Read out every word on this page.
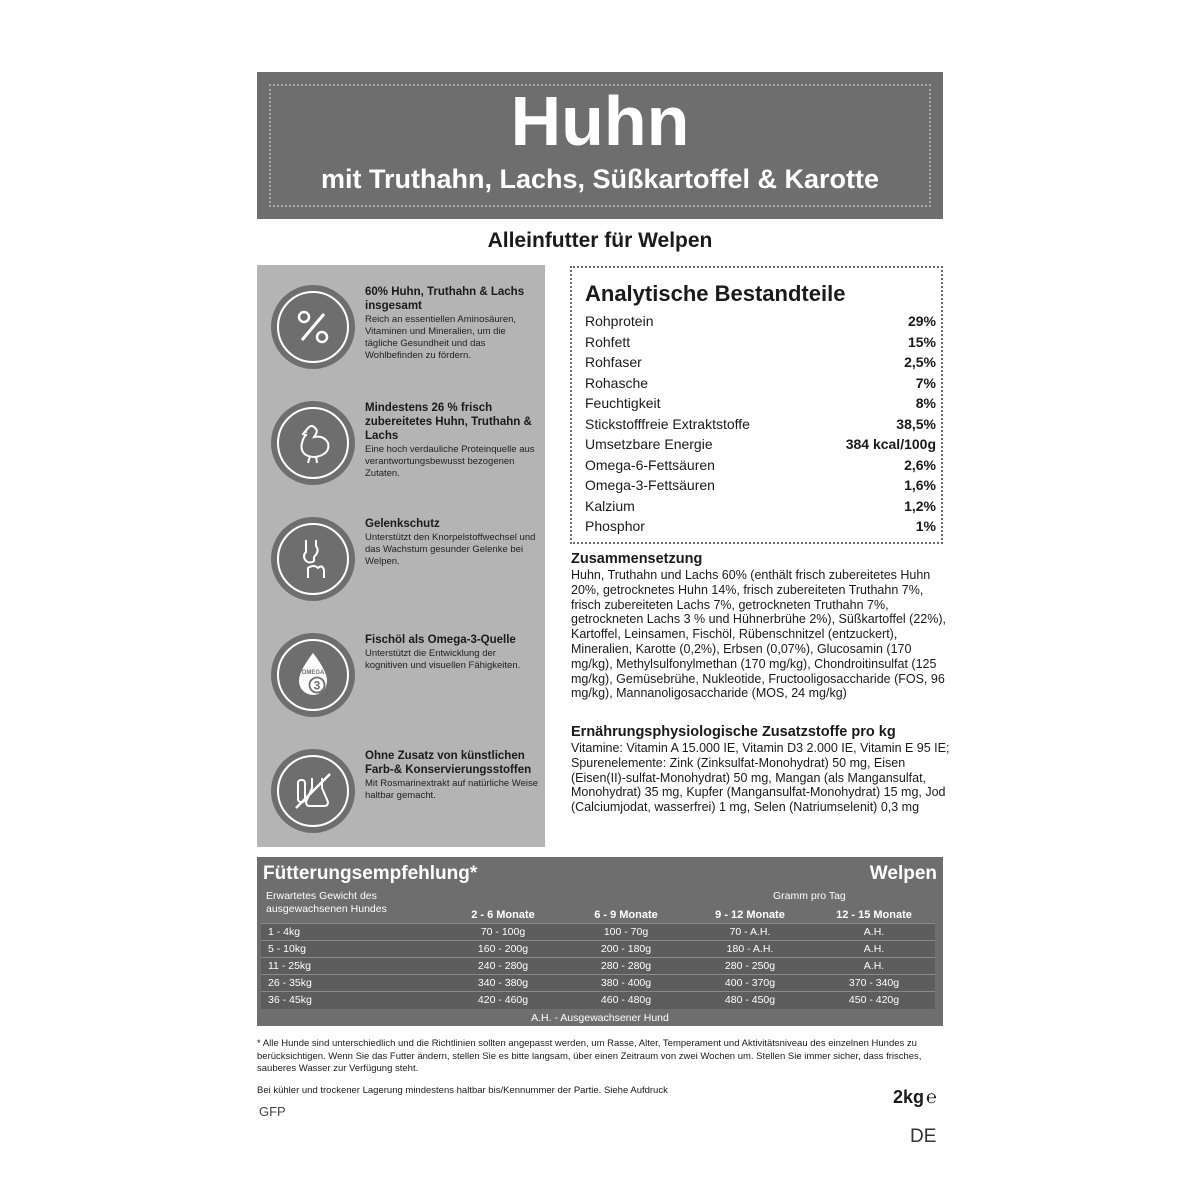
Huhn
mit Truthahn, Lachs, Süßkartoffel & Karotte
Alleinfutter für Welpen
60% Huhn, Truthahn & Lachs insgesamt

Reich an essentiellen Aminosäuren, Vitaminen und Mineralien, um die tägliche Gesundheit und das Wohlbefinden zu fördern.

Mindestens 26 % frisch zubereitetes Huhn, Truthahn & Lachs

Eine hoch verdauliche Proteinquelle aus verantwortungsbewusst bezogenen Zutaten.

Gelenkschutz

Unterstützt den Knorpelstoffwechsel und das Wachstum gesunder Gelenke bei Welpen.

OMEGA
3
Fischöl als Omega-3-Quelle

Unterstützt die Entwicklung der kognitiven und visuellen Fähigkeiten.

Ohne Zusatz von künstlichen Farb-& Konservierungsstoffen

Mit Rosmarinextrakt auf natürliche Weise haltbar gemacht.

Analytische Bestandteile
Rohprotein	29%
Rohfett	15%
Rohfaser	2,5%
Rohasche	7%
Feuchtigkeit	8%
Stickstofffreie Extraktstoffe	38,5%
Umsetzbare Energie	384 kcal/100g
Omega-6-Fettsäuren	2,6%
Omega-3-Fettsäuren	1,6%
Kalzium	1,2%
Phosphor	1%
Zusammensetzung

Huhn, Truthahn und Lachs 60% (enthält frisch zubereitetes Huhn 20%, getrocknetes Huhn 14%, frisch zubereiteten Truthahn 7%, frisch zubereiteten Lachs 7%, getrockneten Truthahn 7%, getrockneten Lachs 3 % und Hühnerbrühe 2%), Süßkartoffel (22%), Kartoffel, Leinsamen, Fischöl, Rübenschnitzel (entzuckert), Mineralien, Karotte (0,2%), Erbsen (0,07%), Glucosamin (170 mg/kg), Methylsulfonylmethan (170 mg/kg), Chondroitinsulfat (125 mg/kg), Gemüsebrühe, Nukleotide, Fructooligosaccharide (FOS, 96 mg/kg), Mannanoligosaccharide (MOS, 24 mg/kg)

Ernährungsphysiologische Zusatzstoffe pro kg

Vitamine: Vitamin A 15.000 IE, Vitamin D3 2.000 IE, Vitamin E 95 IE; Spurenelemente: Zink (Zinksulfat-Monohydrat) 50 mg, Eisen (Eisen(II)-sulfat-Monohydrat) 50 mg, Mangan (als Mangansulfat, Monohydrat) 35 mg, Kupfer (Mangansulfat-Monohydrat) 15 mg, Jod (Calciumjodat, wasserfrei) 1 mg, Selen (Natriumselenit) 0,3 mg

Fütterungsempfehlung*	Welpen
Erwartetes Gewicht des ausgewachsenen Hundes
Gramm pro Tag
2 - 6 Monate	6 - 9 Monate	9 - 12 Monate	12 - 15 Monate
1 - 4kg	70 - 100g	100 - 70g	70 - A.H.	A.H.
5 - 10kg	160 - 200g	200 - 180g	180 - A.H.	A.H.
11 - 25kg	240 - 280g	280 - 280g	280 - 250g	A.H.
26 - 35kg	340 - 380g	380 - 400g	400 - 370g	370 - 340g
36 - 45kg	420 - 460g	460 - 480g	480 - 450g	450 - 420g
A.H. - Ausgewachsener Hund
* Alle Hunde sind unterschiedlich und die Richtlinien sollten angepasst werden, um Rasse, Alter, Temperament und Aktivitätsniveau des einzelnen Hundes zu berücksichtigen. Wenn Sie das Futter ändern, stellen Sie es bitte langsam, über einen Zeitraum von zwei Wochen um. Stellen Sie immer sicher, dass frisches, sauberes Wasser zur Verfügung steht.
Bei kühler und trockener Lagerung mindestens haltbar bis/Kennummer der Partie. Siehe Aufdruck
GFP
2kg ℮
DE
